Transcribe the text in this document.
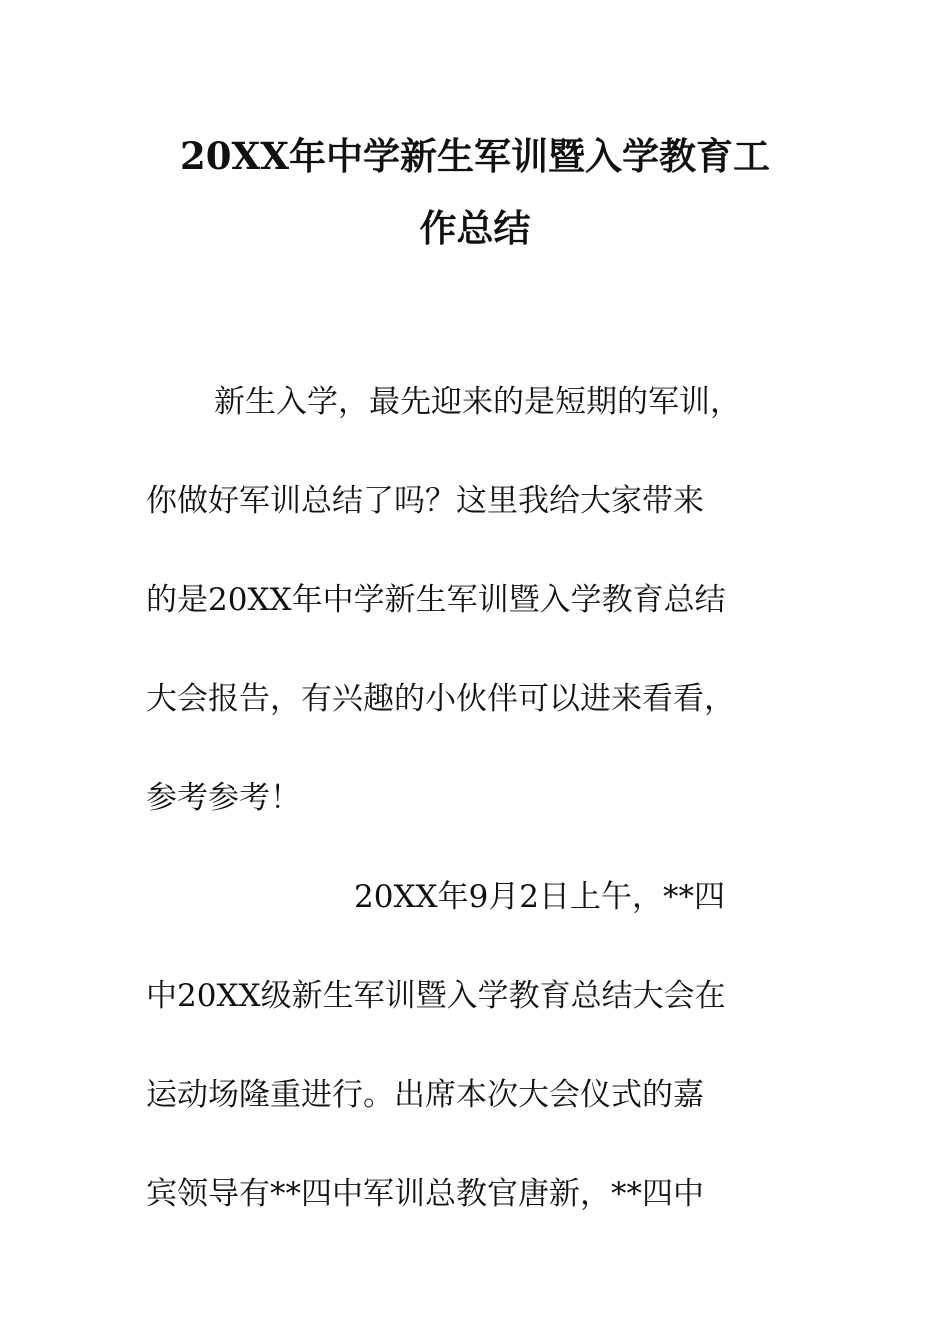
20XX年中学新生军训暨入学教育工
作总结
新生入学，最先迎来的是短期的军训，
你做好军训总结了吗？这里我给大家带来
的是20XX年中学新生军训暨入学教育总结
大会报告，有兴趣的小伙伴可以进来看看，
参考参考！
20XX年9月2日上午，**四
中20XX级新生军训暨入学教育总结大会在
运动场隆重进行。出席本次大会仪式的嘉
宾领导有**四中军训总教官唐新，**四中
